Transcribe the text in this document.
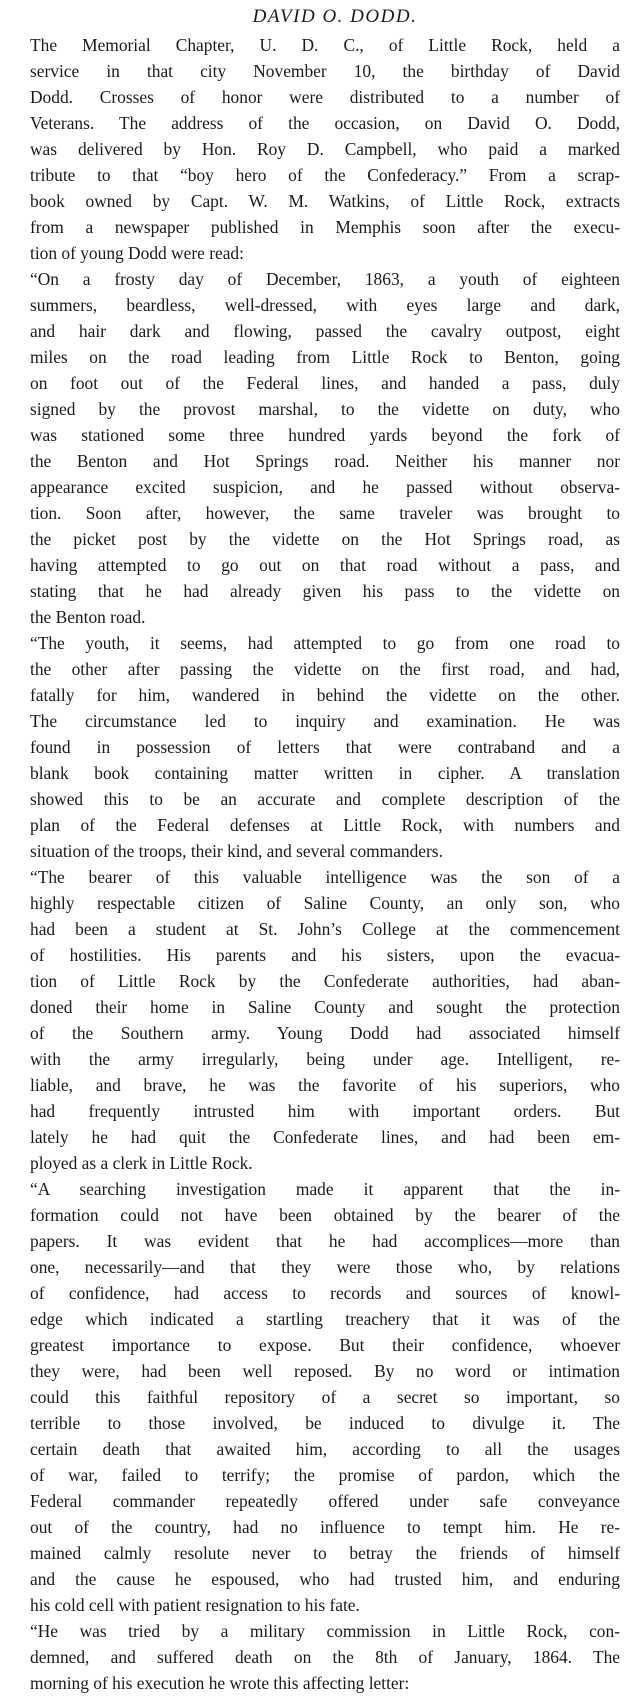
DAVID O. DODD.
The Memorial Chapter, U. D. C., of Little Rock, held a
service in that city November 10, the birthday of David
Dodd. Crosses of honor were distributed to a number of
Veterans. The address of the occasion, on David O. Dodd,
was delivered by Hon. Roy D. Campbell, who paid a marked
tribute to that “boy hero of the Confederacy.” From a scrap-
book owned by Capt. W. M. Watkins, of Little Rock, extracts
from a newspaper published in Memphis soon after the execu-
tion of young Dodd were read:
“On a frosty day of December, 1863, a youth of eighteen
summers, beardless, well-dressed, with eyes large and dark,
and hair dark and flowing, passed the cavalry outpost, eight
miles on the road leading from Little Rock to Benton, going
on foot out of the Federal lines, and handed a pass, duly
signed by the provost marshal, to the vidette on duty, who
was stationed some three hundred yards beyond the fork of
the Benton and Hot Springs road. Neither his manner nor
appearance excited suspicion, and he passed without observa-
tion. Soon after, however, the same traveler was brought to
the picket post by the vidette on the Hot Springs road, as
having attempted to go out on that road without a pass, and
stating that he had already given his pass to the vidette on
the Benton road.
“The youth, it seems, had attempted to go from one road to
the other after passing the vidette on the first road, and had,
fatally for him, wandered in behind the vidette on the other.
The circumstance led to inquiry and examination. He was
found in possession of letters that were contraband and a
blank book containing matter written in cipher. A translation
showed this to be an accurate and complete description of the
plan of the Federal defenses at Little Rock, with numbers and
situation of the troops, their kind, and several commanders.
“The bearer of this valuable intelligence was the son of a
highly respectable citizen of Saline County, an only son, who
had been a student at St. John’s College at the commencement
of hostilities. His parents and his sisters, upon the evacua-
tion of Little Rock by the Confederate authorities, had aban-
doned their home in Saline County and sought the protection
of the Southern army. Young Dodd had associated himself
with the army irregularly, being under age. Intelligent, re-
liable, and brave, he was the favorite of his superiors, who
had frequently intrusted him with important orders. But
lately he had quit the Confederate lines, and had been em-
ployed as a clerk in Little Rock.
“A searching investigation made it apparent that the in-
formation could not have been obtained by the bearer of the
papers. It was evident that he had accomplices—more than
one, necessarily—and that they were those who, by relations
of confidence, had access to records and sources of knowl-
edge which indicated a startling treachery that it was of the
greatest importance to expose. But their confidence, whoever
they were, had been well reposed. By no word or intimation
could this faithful repository of a secret so important, so
terrible to those involved, be induced to divulge it. The
certain death that awaited him, according to all the usages
of war, failed to terrify; the promise of pardon, which the
Federal commander repeatedly offered under safe conveyance
out of the country, had no influence to tempt him. He re-
mained calmly resolute never to betray the friends of himself
and the cause he espoused, who had trusted him, and enduring
his cold cell with patient resignation to his fate.
“He was tried by a military commission in Little Rock, con-
demned, and suffered death on the 8th of January, 1864. The
morning of his execution he wrote this affecting letter:
